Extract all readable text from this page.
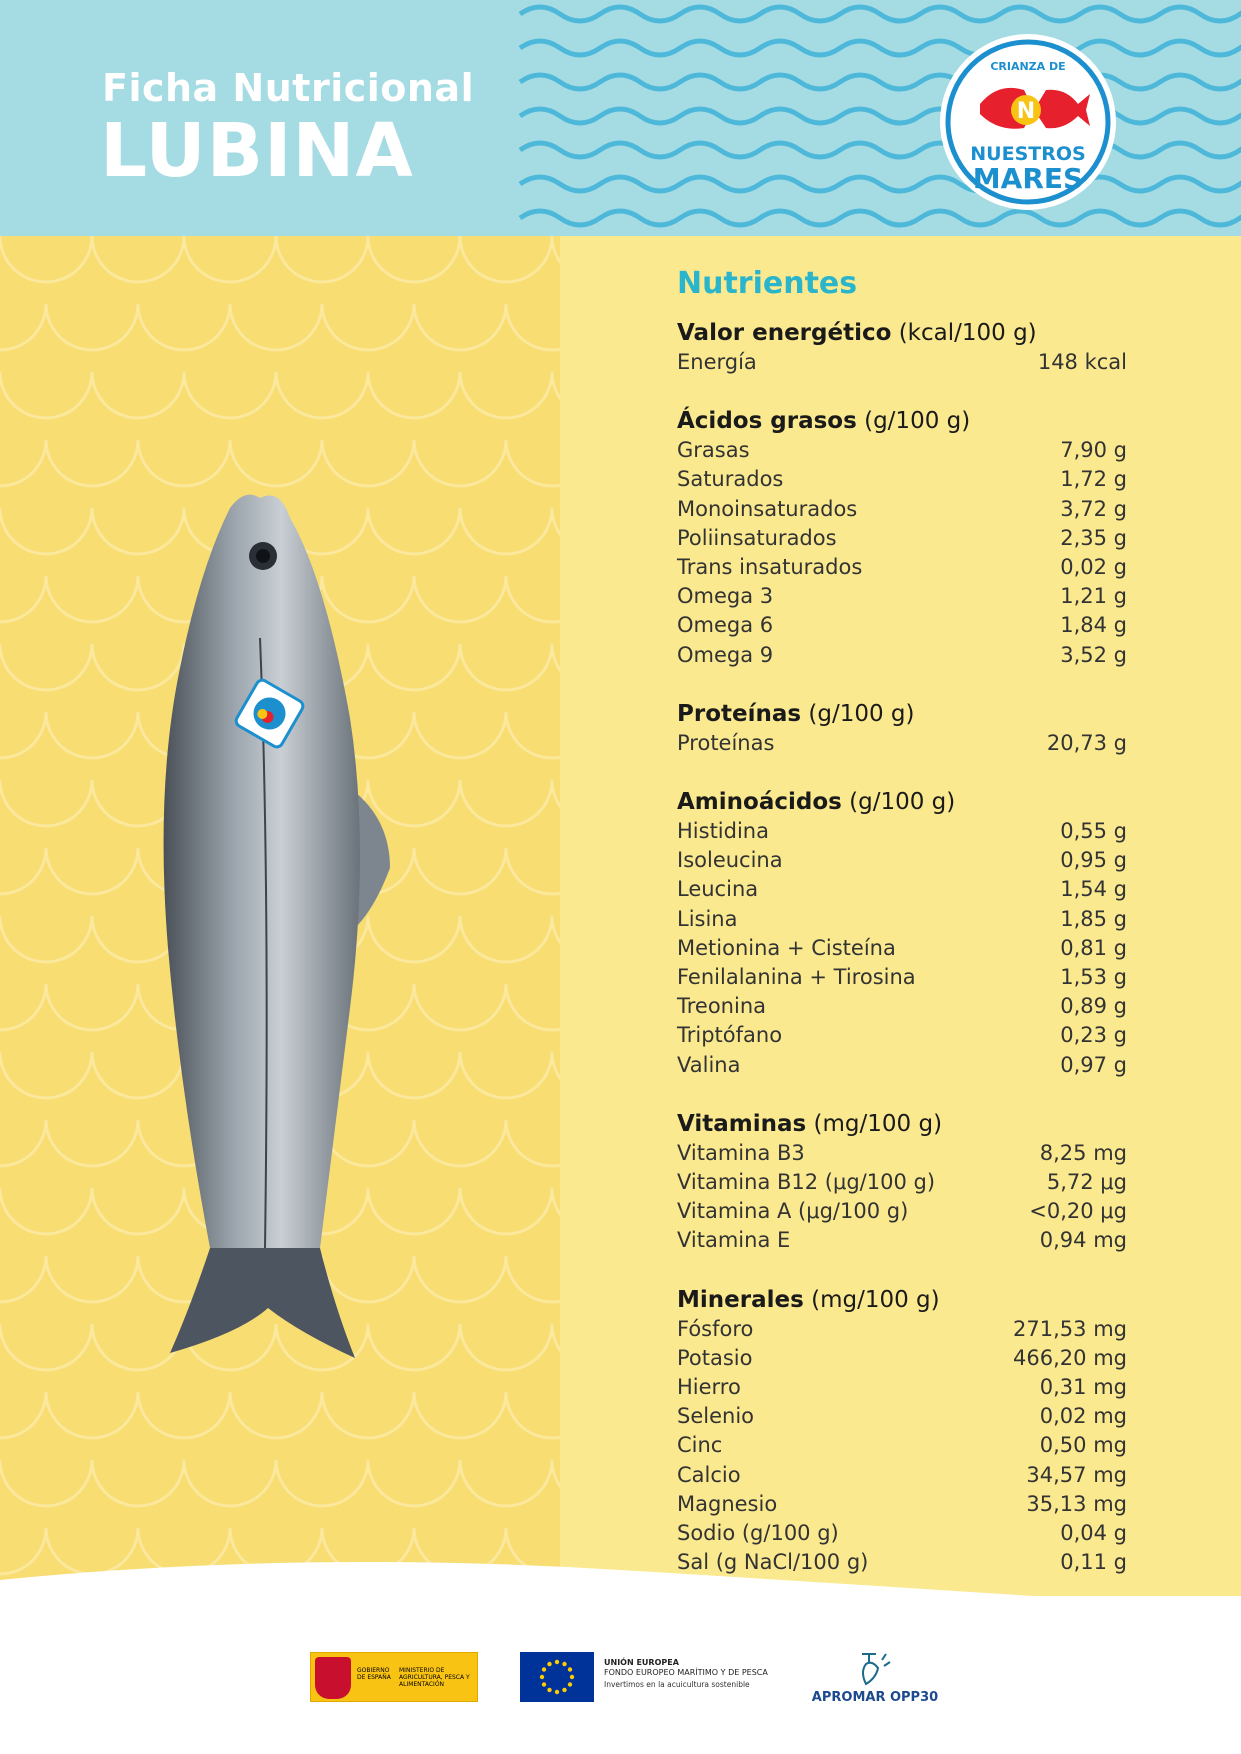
Ficha Nutricional
LUBINA
CRIANZA DE
N
NUESTROS
MARES
Nutrientes
Valor energético (kcal/100 g)
Energía	148 kcal
Ácidos grasos (g/100 g)
Grasas	7,90 g
Saturados	1,72 g
Monoinsaturados	3,72 g
Poliinsaturados	2,35 g
Trans insaturados	0,02 g
Omega 3	1,21 g
Omega 6	1,84 g
Omega 9	3,52 g
Proteínas (g/100 g)
Proteínas	20,73 g
Aminoácidos (g/100 g)
Histidina	0,55 g
Isoleucina	0,95 g
Leucina	1,54 g
Lisina	1,85 g
Metionina + Cisteína	0,81 g
Fenilalanina + Tirosina	1,53 g
Treonina	0,89 g
Triptófano	0,23 g
Valina	0,97 g
Vitaminas (mg/100 g)
Vitamina B3	8,25 mg
Vitamina B12 (μg/100 g)	5,72 μg
Vitamina A (μg/100 g)	<0,20 μg
Vitamina E	0,94 mg
Minerales (mg/100 g)
Fósforo	271,53 mg
Potasio	466,20 mg
Hierro	0,31 mg
Selenio	0,02 mg
Cinc	0,50 mg
Calcio	34,57 mg
Magnesio	35,13 mg
Sodio (g/100 g)	0,04 g
Sal (g NaCl/100 g)	0,11 g
GOBIERNO DE ESPAÑA
MINISTERIO DE AGRICULTURA, PESCA Y ALIMENTACIÓN
UNIÓN EUROPEA
FONDO EUROPEO MARÍTIMO Y DE PESCA
Invertimos en la acuicultura sostenible
APROMAR OPP30
